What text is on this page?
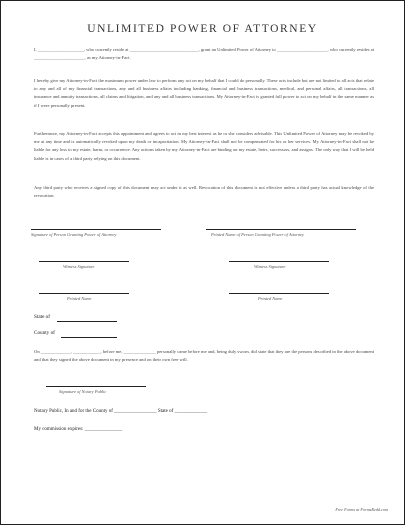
UNLIMITED POWER OF ATTORNEY
I, ____________________, who currently reside at ______________________________, grant an Unlimited Power of Attorney to ______________________, who currently resides at ______________________, as my Attorney-in-Fact.
I hereby give my Attorney-in-Fact the maximum power under law to perform any act on my behalf that I could do personally. These acts include but are not limited to all acts that relate to any and all of my financial transactions, any and all business affairs including banking, financial and business transactions, medical, and personal affairs, all transactions, all insurance and annuity transactions, all claims and litigation, and any and all business transactions. My Attorney-in-Fact is granted full power to act on my behalf in the same manner as if I were personally present.
Furthermore, my Attorney-in-Fact accepts this appointment and agrees to act in my best interest as he or she considers advisable. This Unlimited Power of Attorney may be revoked by me at any time and is automatically revoked upon my death or incapacitation. My Attorney-in-Fact shall not be compensated for his or her services. My Attorney-in-Fact shall not be liable for any loss to my estate, harm, or occurrence. Any actions taken by my Attorney-in-Fact are binding on my estate, heirs, successors, and assigns. The only way that I will be held liable is in cases of a third party relying on this document.
Any third party who receives a signed copy of this document may act under it as well. Revocation of this document is not effective unless a third party has actual knowledge of the revocation.
Signature of Person Granting Power of Attorney	Printed Name of Person Granting Power of Attorney
Witness Signature	Witness Signature
Printed Name	Printed Name
State of
County of
On _____________, ____________, before me, ______________ personally came before me and, being duly sworn, did state that they are the persons described in the above document and that they signed the above document in my presence and on their own free will.
Signature of Notary Public
Notary Public, In and for the County of _________________ State of _____________
My commission expires: _______________
Free Forms at FormsRedd.com
